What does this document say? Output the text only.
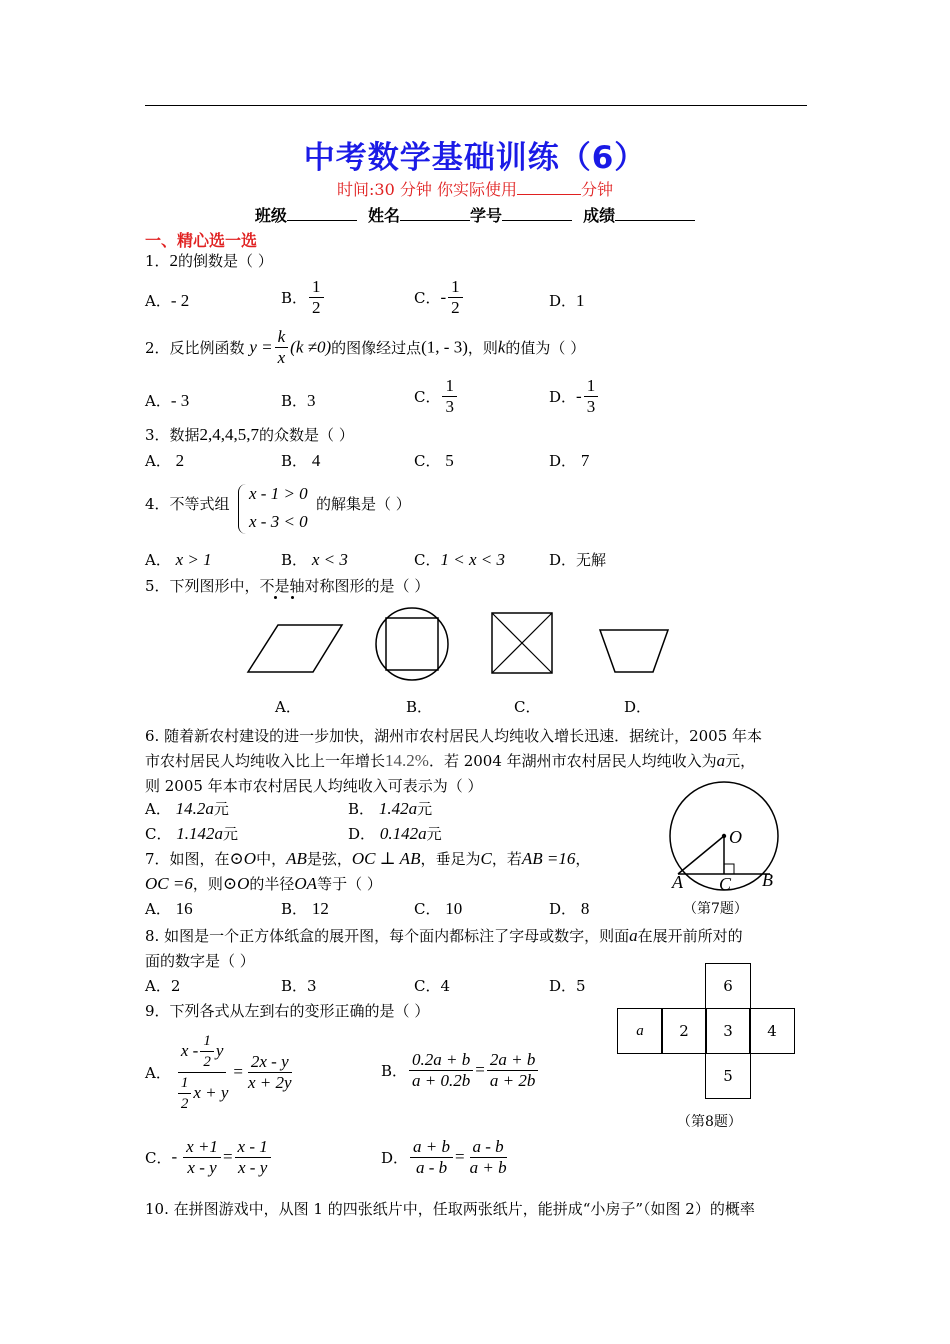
中考数学基础训练（6）
时间:30 分钟 你实际使用	分钟
班级	姓名	学号	成绩
一、精心选一选
1．2的倒数是（ ）
A．- 2	B． $\frac{1}{2}$	C．- $\frac{1}{2}$	D．1
2．反比例函数 $y = \frac{k}{x} (k \ne 0)$的图像经过点(1, - 3)，则k的值为（ ）
A．- 3	B．3	C． $\frac{1}{3}$	D．- $\frac{1}{3}$
3．数据2,4,4,5,7的众数是（ ）
A． 2	B． 4	C． 5	D． 7
4．不等式组
x - 1 > 0
x - 3 < 0
的解集是（ ）
A． x > 1	B． x < 3	C．1 < x < 3	D．无解
5．下列图形中，不是轴对称图形的是（ ）
A．	B．	C．	D．
6. 随着新农村建设的进一步加快，湖州市农村居民人均纯收入增长迅速．据统计，2005 年本
市农村居民人均纯收入比上一年增长14.2%．若 2004 年湖州市农村居民人均纯收入为a元，
则 2005 年本市农村居民人均纯收入可表示为（ ）
A． 14.2a元	B． 1.42a元
C． 1.142a元	D． 0.142a元	O
A C B
（第7题）
7．如图，在⊙O中，AB是弦，OC ⊥ AB，垂足为C，若AB =16，
OC =6，则⊙O的半径OA等于（ ）
A． 16	B． 12	C． 10	D． 8
8. 如图是一个正方体纸盒的展开图，每个面内都标注了字母或数字，则面a在展开前所对的
面的数字是（ ）
A．2	B．3	C．4	D．5	6
a	2	3	4
5
（第8题）
9．下列各式从左到右的变形正确的是（ ）
A． $\frac{x - \frac{1}{2} y}{\frac{1}{2} x + y} = \frac{2x - y}{x + 2y}$	B． $\frac{0.2a + b}{a + 0.2b} = \frac{2a + b}{a + 2b}$
C． - $\frac{x +1}{x - y} = \frac{x - 1}{x - y}$	D． $\frac{a + b}{a - b} = \frac{a - b}{a + b}$
10. 在拼图游戏中，从图 1 的四张纸片中，任取两张纸片，能拼成“小房子”（如图 2）的概率
